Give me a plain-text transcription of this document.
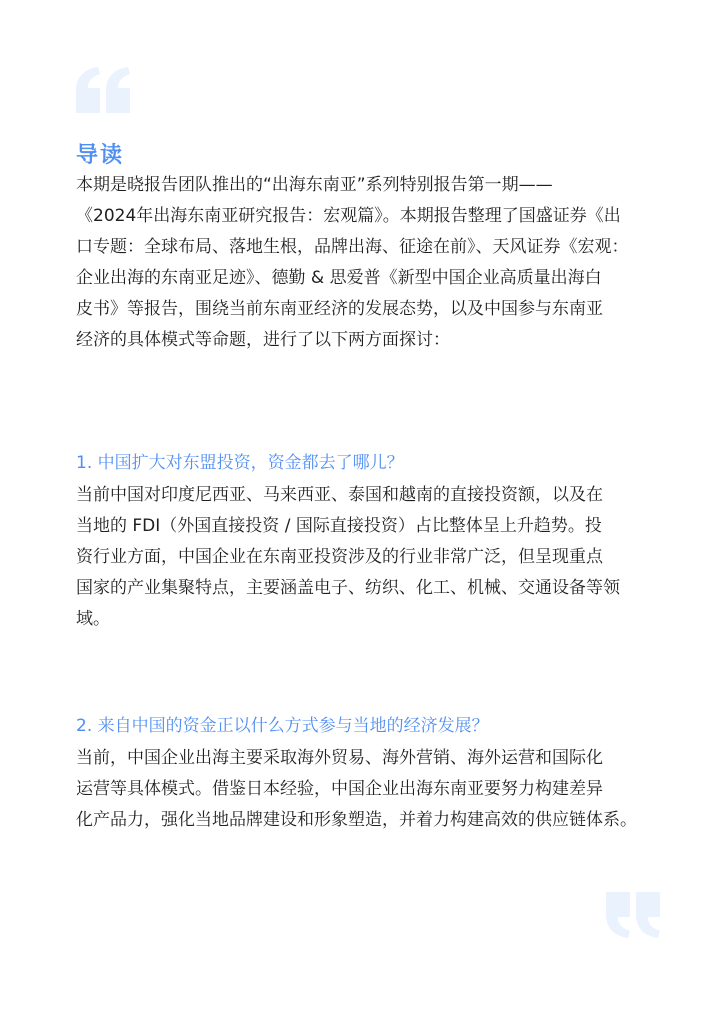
导读
本期是晓报告团队推出的“出海东南亚”系列特别报告第一期——
《2024年出海东南亚研究报告：宏观篇》。本期报告整理了国盛证券《出
口专题：全球布局、落地生根，品牌出海、征途在前》、天风证券《宏观：
企业出海的东南亚足迹》、德勤 & 思爱普《新型中国企业高质量出海白
皮书》等报告，围绕当前东南亚经济的发展态势，以及中国参与东南亚
经济的具体模式等命题，进行了以下两方面探讨：
1. 中国扩大对东盟投资，资金都去了哪儿？
当前中国对印度尼西亚、马来西亚、泰国和越南的直接投资额，以及在
当地的 FDI（外国直接投资 / 国际直接投资）占比整体呈上升趋势。投
资行业方面，中国企业在东南亚投资涉及的行业非常广泛，但呈现重点
国家的产业集聚特点，主要涵盖电子、纺织、化工、机械、交通设备等领
域。
2. 来自中国的资金正以什么方式参与当地的经济发展？
当前，中国企业出海主要采取海外贸易、海外营销、海外运营和国际化
运营等具体模式。借鉴日本经验，中国企业出海东南亚要努力构建差异
化产品力，强化当地品牌建设和形象塑造，并着力构建高效的供应链体系。
